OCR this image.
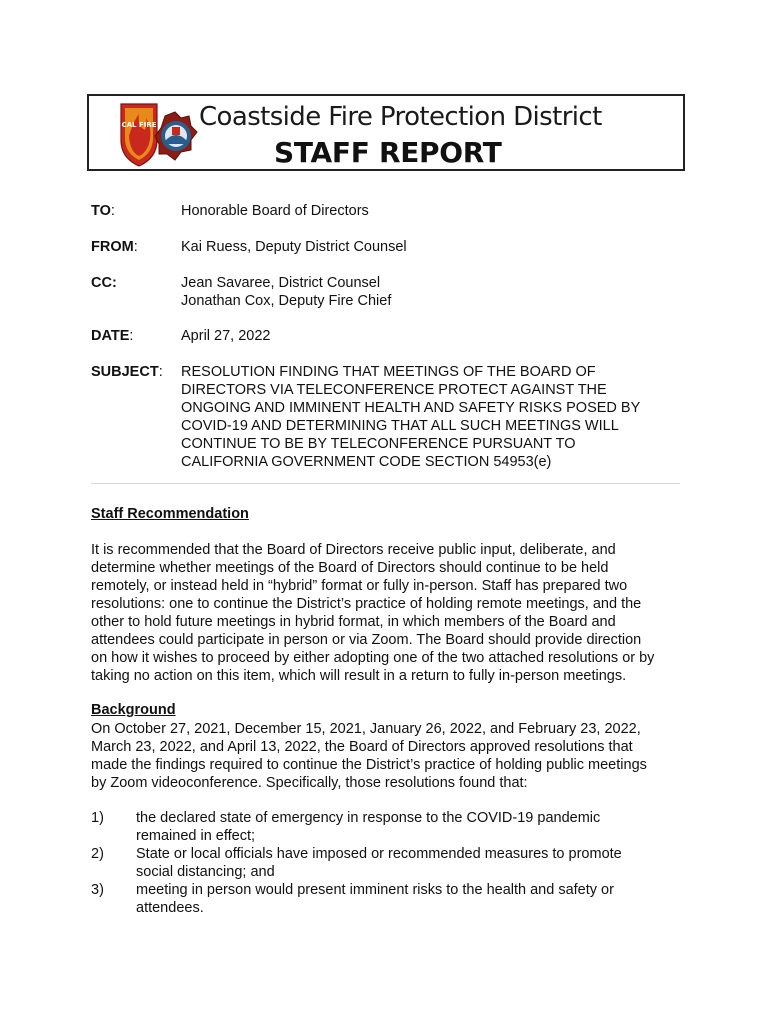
CAL FIRE Coastside Fire Protection District
STAFF REPORT
TO:	Honorable Board of Directors
FROM:	Kai Ruess, Deputy District Counsel
CC:	Jean Savaree, District Counsel
Jonathan Cox, Deputy Fire Chief
DATE:	April 27, 2022
SUBJECT: RESOLUTION FINDING THAT MEETINGS OF THE BOARD OF
DIRECTORS VIA TELECONFERENCE PROTECT AGAINST THE
ONGOING AND IMMINENT HEALTH AND SAFETY RISKS POSED BY
COVID-19 AND DETERMINING THAT ALL SUCH MEETINGS WILL
CONTINUE TO BE BY TELECONFERENCE PURSUANT TO
CALIFORNIA GOVERNMENT CODE SECTION 54953(e)
Staff Recommendation
It is recommended that the Board of Directors receive public input, deliberate, and
determine whether meetings of the Board of Directors should continue to be held
remotely, or instead held in “hybrid” format or fully in-person. Staff has prepared two
resolutions: one to continue the District’s practice of holding remote meetings, and the
other to hold future meetings in hybrid format, in which members of the Board and
attendees could participate in person or via Zoom. The Board should provide direction
on how it wishes to proceed by either adopting one of the two attached resolutions or by
taking no action on this item, which will result in a return to fully in-person meetings.
Background
On October 27, 2021, December 15, 2021, January 26, 2022, and February 23, 2022,
March 23, 2022, and April 13, 2022, the Board of Directors approved resolutions that
made the findings required to continue the District’s practice of holding public meetings
by Zoom videoconference. Specifically, those resolutions found that:
1) the declared state of emergency in response to the COVID-19 pandemic
remained in effect;
2) State or local officials have imposed or recommended measures to promote
social distancing; and
3) meeting in person would present imminent risks to the health and safety or
attendees.
